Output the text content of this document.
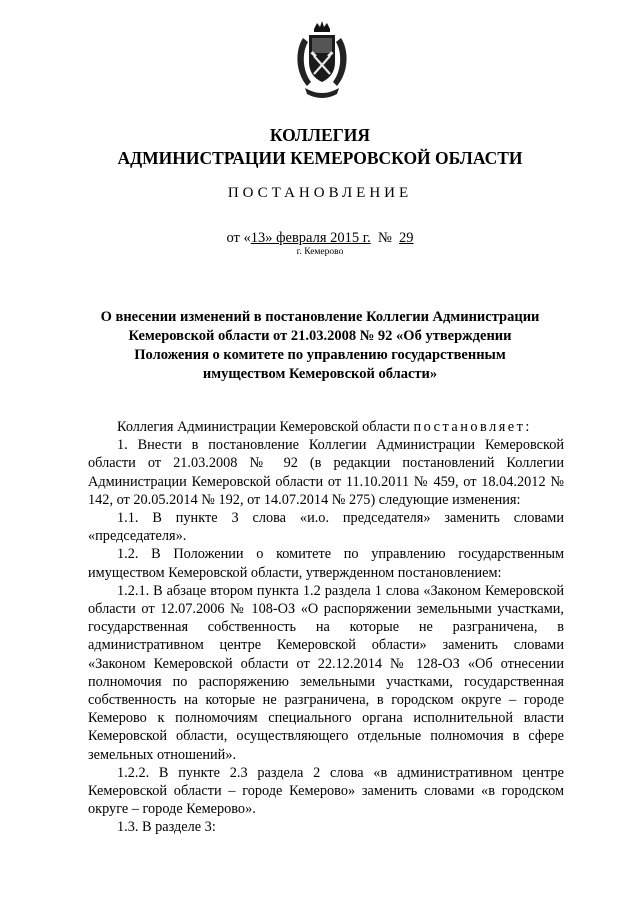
КОЛЛЕГИЯ
АДМИНИСТРАЦИИ КЕМЕРОВСКОЙ ОБЛАСТИ
ПОСТАНОВЛЕНИЕ
от «13» февраля 2015 г. № 29
г. Кемерово
О внесении изменений в постановление Коллегии Администрации
Кемеровской области от 21.03.2008 № 92 «Об утверждении
Положения о комитете по управлению государственным
имуществом Кемеровской области»

Коллегия Администрации Кемеровской области постановляет:

1. Внести в постановление Коллегии Администрации Кемеровской области от 21.03.2008 № 92 (в редакции постановлений Коллегии Администрации Кемеровской области от 11.10.2011 № 459, от 18.04.2012 № 142, от 20.05.2014 № 192, от 14.07.2014 № 275) следующие изменения:

1.1. В пункте 3 слова «и.о. председателя» заменить словами «председателя».

1.2. В Положении о комитете по управлению государственным имуществом Кемеровской области, утвержденном постановлением:

1.2.1. В абзаце втором пункта 1.2 раздела 1 слова «Законом Кемеровской области от 12.07.2006 № 108-ОЗ «О распоряжении земельными участками, государственная собственность на которые не разграничена, в административном центре Кемеровской области» заменить словами «Законом Кемеровской области от 22.12.2014 № 128-ОЗ «Об отнесении полномочия по распоряжению земельными участками, государственная собственность на которые не разграничена, в городском округе – городе Кемерово к полномочиям специального органа исполнительной власти Кемеровской области, осуществляющего отдельные полномочия в сфере земельных отношений».

1.2.2. В пункте 2.3 раздела 2 слова «в административном центре Кемеровской области – городе Кемерово» заменить словами «в городском округе – городе Кемерово».

1.3. В разделе 3:
